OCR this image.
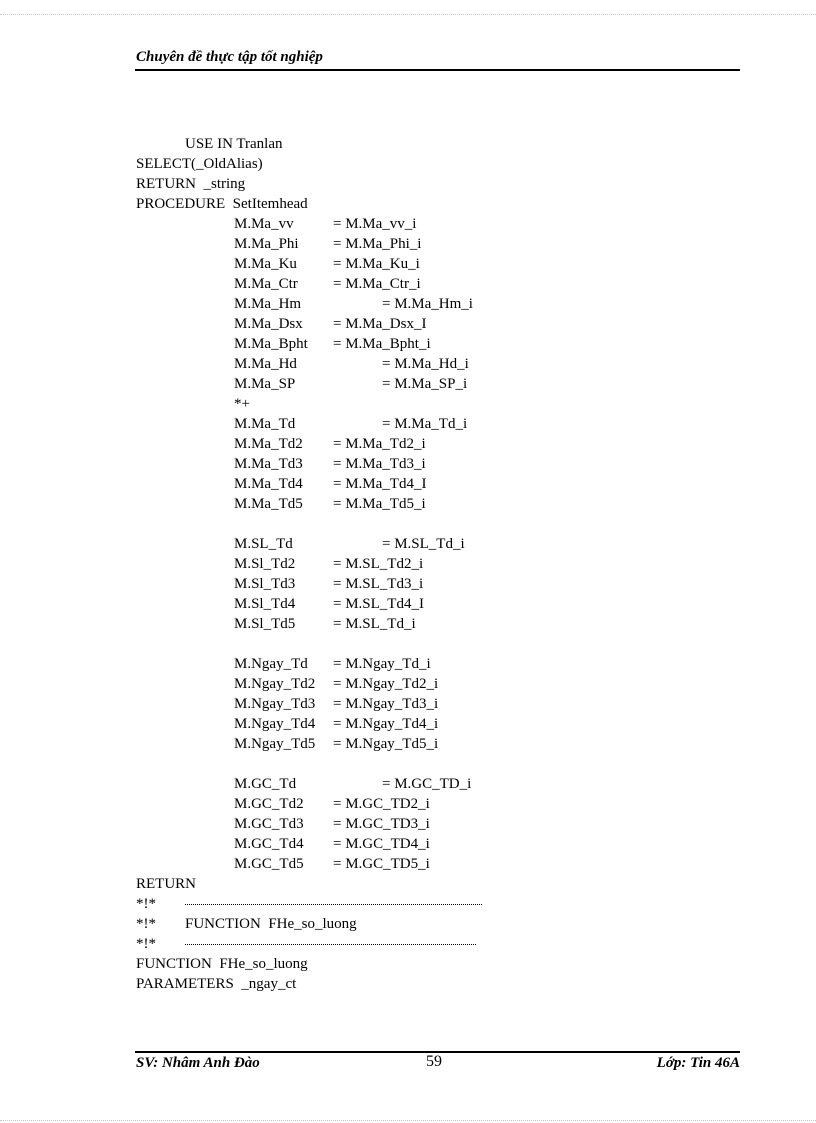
Chuyên đề thực tập tốt nghiệp
USE IN Tranlan
SELECT(_OldAlias)
RETURN  _string
PROCEDURE  SetItemhead
M.Ma_vv	= M.Ma_vv_i
M.Ma_Phi = M.Ma_Phi_i
M.Ma_Ku = M.Ma_Ku_i
M.Ma_Ctr = M.Ma_Ctr_i
M.Ma_Hm	= M.Ma_Hm_i
M.Ma_Dsx = M.Ma_Dsx_I
M.Ma_Bpht = M.Ma_Bpht_i
M.Ma_Hd	= M.Ma_Hd_i
M.Ma_SP	= M.Ma_SP_i
*+
M.Ma_Td	= M.Ma_Td_i
M.Ma_Td2 = M.Ma_Td2_i
M.Ma_Td3 = M.Ma_Td3_i
M.Ma_Td4 = M.Ma_Td4_I
M.Ma_Td5 = M.Ma_Td5_i
M.SL_Td	= M.SL_Td_i
M.Sl_Td2	= M.SL_Td2_i
M.Sl_Td3	= M.SL_Td3_i
M.Sl_Td4	= M.SL_Td4_I
M.Sl_Td5	= M.SL_Td_i
M.Ngay_Td = M.Ngay_Td_i
M.Ngay_Td2 = M.Ngay_Td2_i
M.Ngay_Td3 = M.Ngay_Td3_i
M.Ngay_Td4 = M.Ngay_Td4_i
M.Ngay_Td5 = M.Ngay_Td5_i
M.GC_Td	= M.GC_TD_i
M.GC_Td2 = M.GC_TD2_i
M.GC_Td3 = M.GC_TD3_i
M.GC_Td4 = M.GC_TD4_i
M.GC_Td5 = M.GC_TD5_i
RETURN
*!*
*!* FUNCTION  FHe_so_luong
*!*
FUNCTION  FHe_so_luong
PARAMETERS  _ngay_ct
SV: Nhâm Anh Đào	59	Lớp: Tin 46A
